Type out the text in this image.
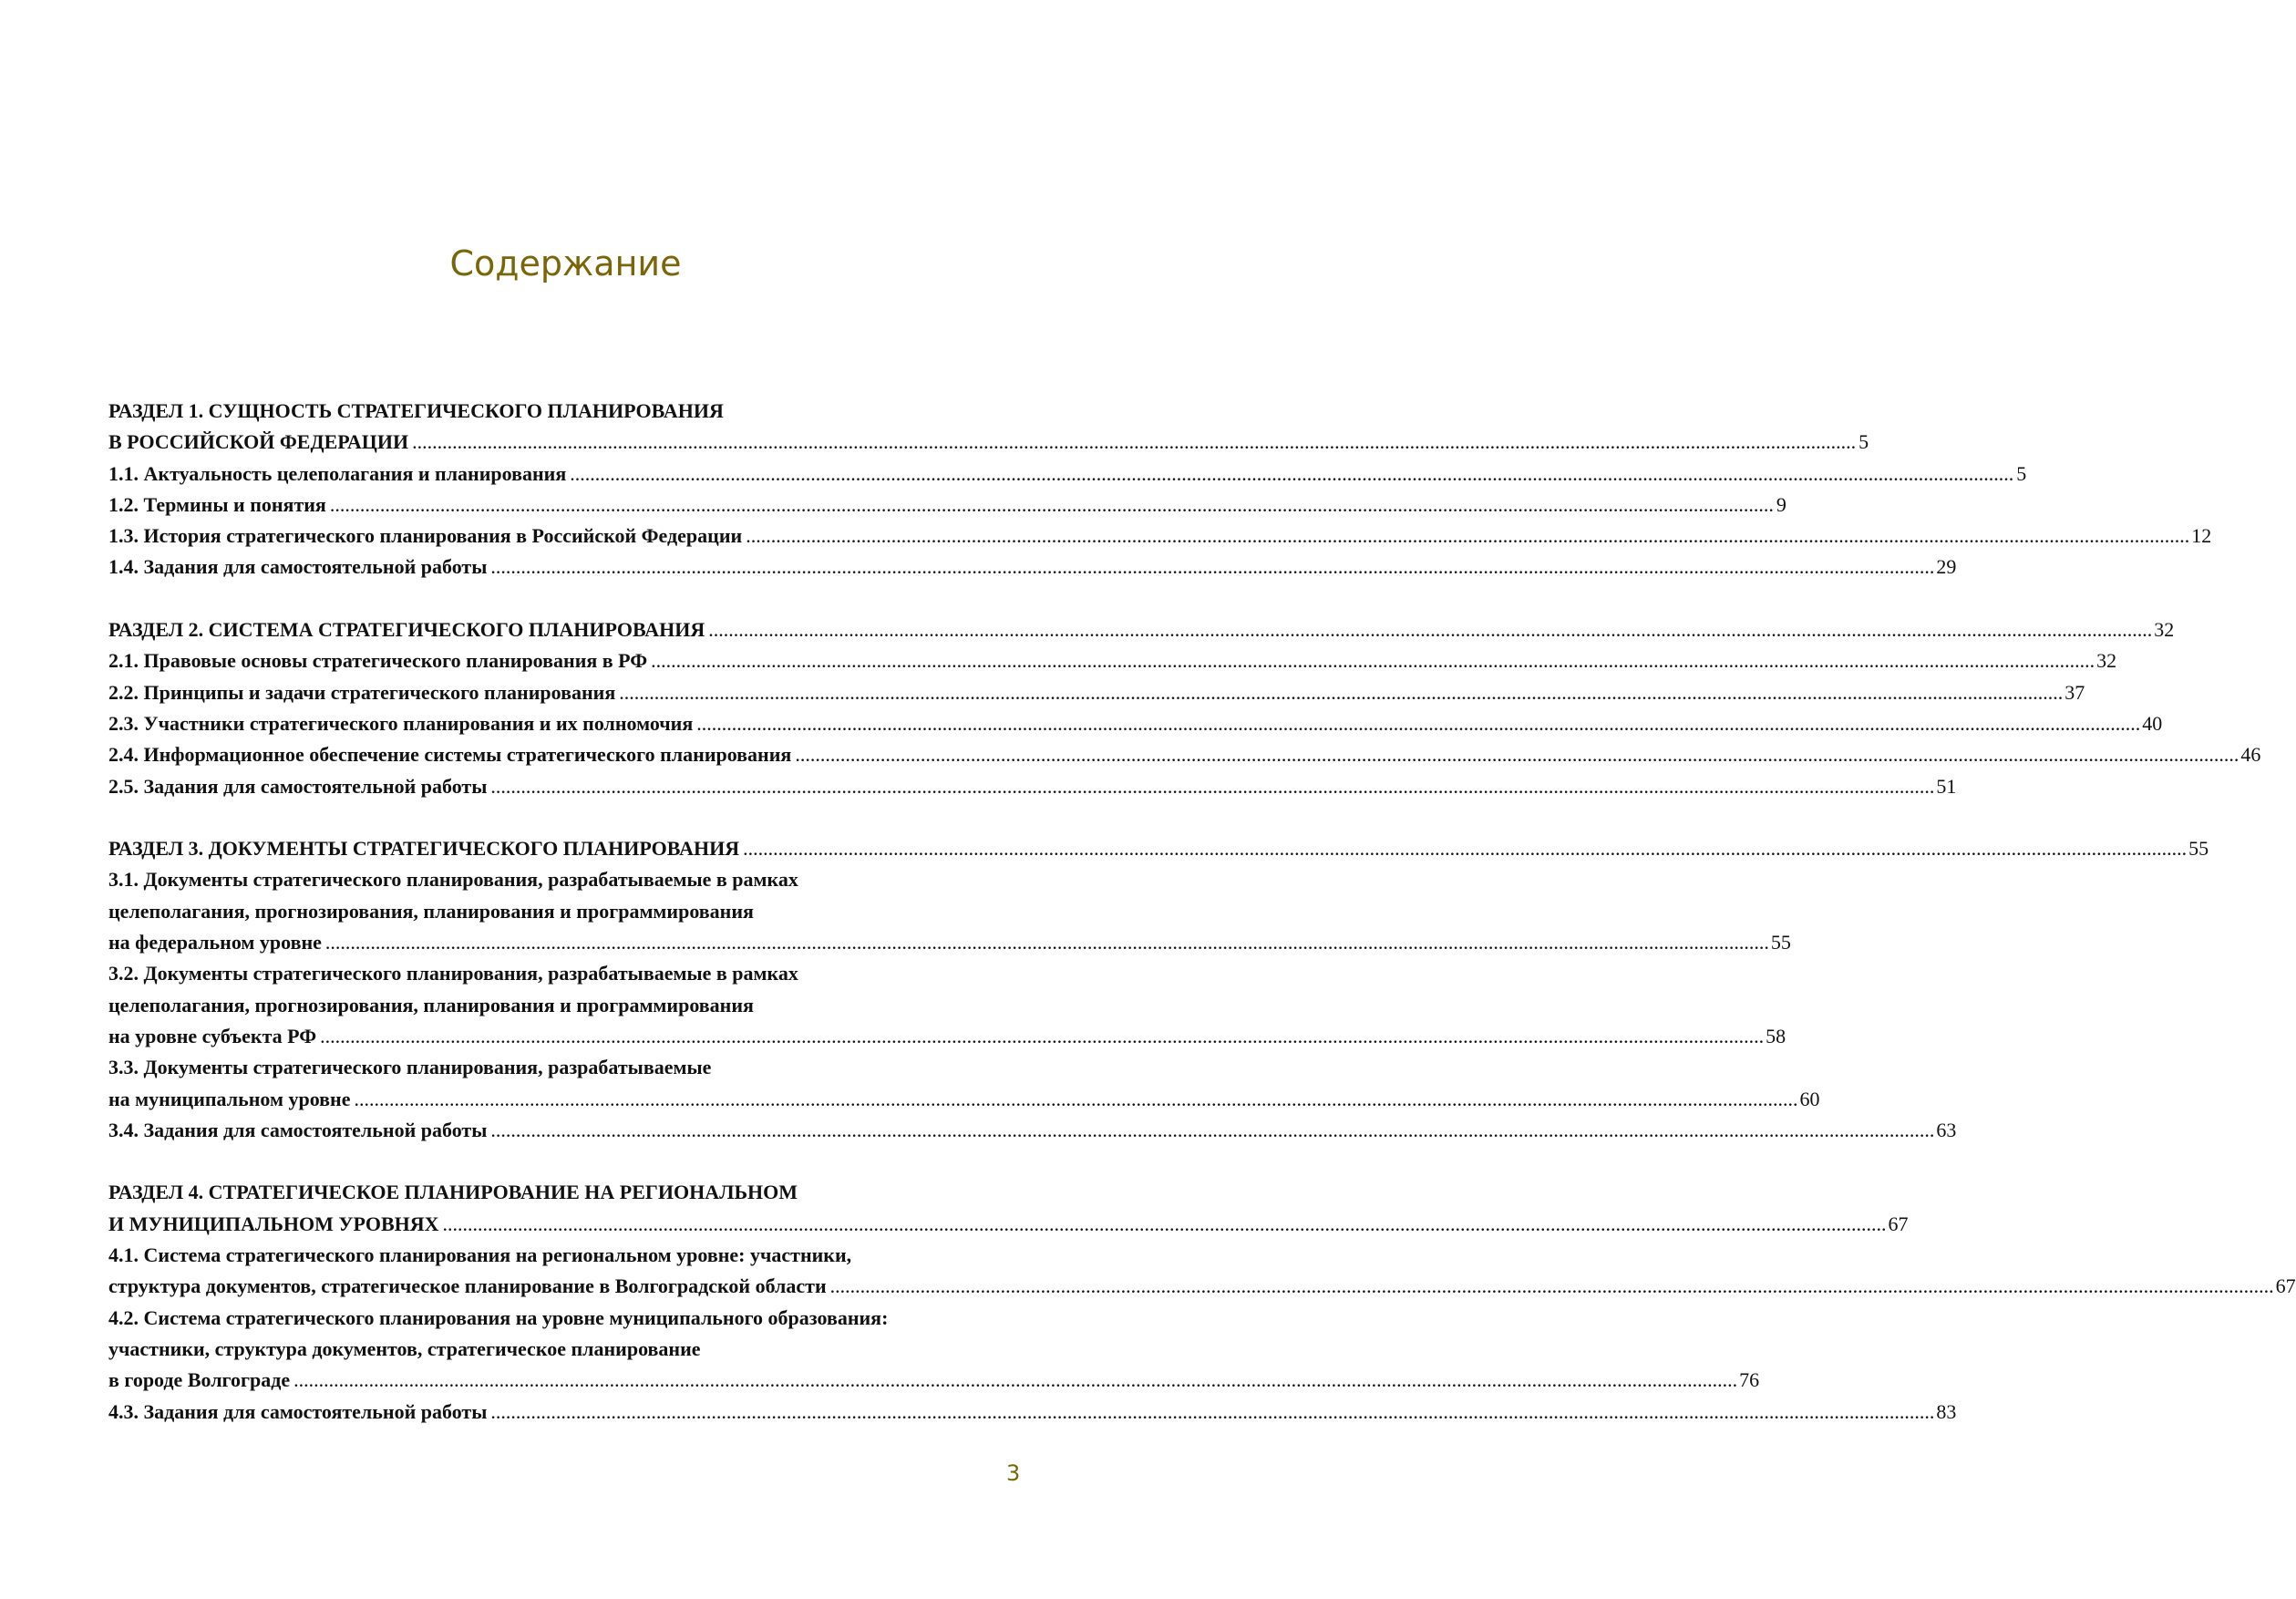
Содержание
РАЗДЕЛ 1. СУЩНОСТЬ СТРАТЕГИЧЕСКОГО ПЛАНИРОВАНИЯ
В РОССИЙСКОЙ ФЕДЕРАЦИИ .....	5
1.1. Актуальность целеполагания и планирования .....	5
1.2. Термины и понятия .....	9
1.3. История стратегического планирования в Российской Федерации .....	12
1.4. Задания для самостоятельной работы .....	29
РАЗДЕЛ 2. СИСТЕМА СТРАТЕГИЧЕСКОГО ПЛАНИРОВАНИЯ .....	32
2.1. Правовые основы стратегического планирования в РФ .....	32
2.2. Принципы и задачи стратегического планирования .....	37
2.3. Участники стратегического планирования и их полномочия .....	40
2.4. Информационное обеспечение системы стратегического планирования .....	46
2.5. Задания для самостоятельной работы .....	51
РАЗДЕЛ 3. ДОКУМЕНТЫ СТРАТЕГИЧЕСКОГО ПЛАНИРОВАНИЯ .....	55
3.1. Документы стратегического планирования, разрабатываемые в рамках
целеполагания, прогнозирования, планирования и программирования
на федеральном уровне .....	55
3.2. Документы стратегического планирования, разрабатываемые в рамках
целеполагания, прогнозирования, планирования и программирования
на уровне субъекта РФ .....	58
3.3. Документы стратегического планирования, разрабатываемые
на муниципальном уровне .....	60
3.4. Задания для самостоятельной работы .....	63
РАЗДЕЛ 4. СТРАТЕГИЧЕСКОЕ ПЛАНИРОВАНИЕ НА РЕГИОНАЛЬНОМ
И МУНИЦИПАЛЬНОМ УРОВНЯХ .....	67
4.1. Система стратегического планирования на региональном уровне: участники,
структура документов, стратегическое планирование в Волгоградской области .....	67
4.2. Система стратегического планирования на уровне муниципального образования:
участники, структура документов, стратегическое планирование
в городе Волгограде .....	76
4.3. Задания для самостоятельной работы .....	83
3
